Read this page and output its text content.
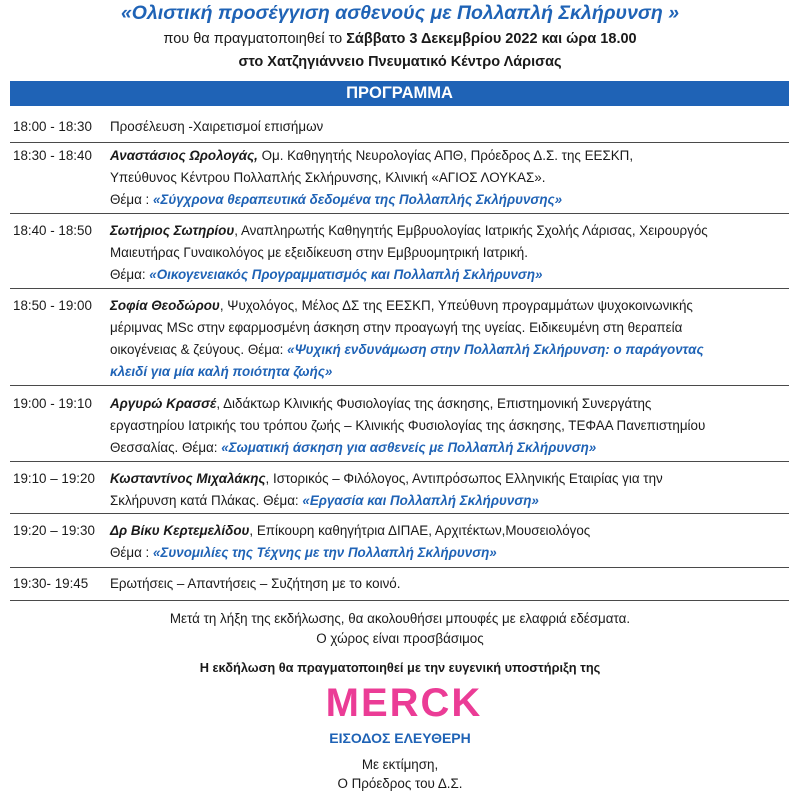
«Ολιστική προσέγγιση ασθενούς με Πολλαπλή Σκλήρυνση »
που θα πραγματοποιηθεί το Σάββατο 3 Δεκεμβρίου 2022 και ώρα 18.00
στο Χατζηγιάννειο Πνευματικό Κέντρο Λάρισας
ΠΡΟΓΡΑΜΜΑ
18:00 - 18:30	Προσέλευση -Χαιρετισμοί επισήμων
18:30 - 18:40	Αναστάσιος Ωρολογάς, Ομ. Καθηγητής Νευρολογίας ΑΠΘ, Πρόεδρος Δ.Σ. της ΕΕΣΚΠ,
Υπεύθυνος Κέντρου Πολλαπλής Σκλήρυνσης, Κλινική «ΑΓΙΟΣ ΛΟΥΚΑΣ».
Θέμα : «Σύγχρονα θεραπευτικά δεδομένα της Πολλαπλής Σκλήρυνσης»
18:40 - 18:50	Σωτήριος Σωτηρίου, Αναπληρωτής Καθηγητής Εμβρυολογίας Ιατρικής Σχολής Λάρισας, Χειρουργός
Μαιευτήρας Γυναικολόγος με εξειδίκευση στην Εμβρυομητρική Ιατρική.
Θέμα: «Οικογενειακός Προγραμματισμός και Πολλαπλή Σκλήρυνση»
18:50 - 19:00	Σοφία Θεοδώρου, Ψυχολόγος, Μέλος ΔΣ της ΕΕΣΚΠ, Υπεύθυνη προγραμμάτων ψυχοκοινωνικής
μέριμνας MSc στην εφαρμοσμένη άσκηση στην προαγωγή της υγείας. Ειδικευμένη στη θεραπεία
οικογένειας & ζεύγους. Θέμα: «Ψυχική ενδυνάμωση στην Πολλαπλή Σκλήρυνση: ο παράγοντας
κλειδί για μία καλή ποιότητα ζωής»
19:00 - 19:10	Αργυρώ Κρασσέ, Διδάκτωρ Κλινικής Φυσιολογίας της άσκησης, Επιστημονική Συνεργάτης
εργαστηρίου Ιατρικής του τρόπου ζωής – Κλινικής Φυσιολογίας της άσκησης, ΤΕΦΑΑ Πανεπιστημίου
Θεσσαλίας. Θέμα: «Σωματική άσκηση για ασθενείς με Πολλαπλή Σκλήρυνση»
19:10 – 19:20	Κωσταντίνος Μιχαλάκης, Ιστορικός – Φιλόλογος, Αντιπρόσωπος Ελληνικής Εταιρίας για την
Σκλήρυνση κατά Πλάκας. Θέμα: «Εργασία και Πολλαπλή Σκλήρυνση»
19:20 – 19:30	Δρ Βίκυ Κερτεμελίδου, Επίκουρη καθηγήτρια ΔΙΠΑΕ, Αρχιτέκτων,Μουσειολόγος
Θέμα : «Συνομιλίες της Τέχνης με την Πολλαπλή Σκλήρυνση»
19:30- 19:45	Ερωτήσεις – Απαντήσεις – Συζήτηση με το κοινό.
Μετά τη λήξη της εκδήλωσης, θα ακολουθήσει μπουφές με ελαφριά εδέσματα.
Ο χώρος είναι προσβάσιμος
Η εκδήλωση θα πραγματοποιηθεί με την ευγενική υποστήριξη της
MERCK
ΕΙΣΟΔΟΣ ΕΛΕΥΘΕΡΗ
Με εκτίμηση,
Ο Πρόεδρος του Δ.Σ.
